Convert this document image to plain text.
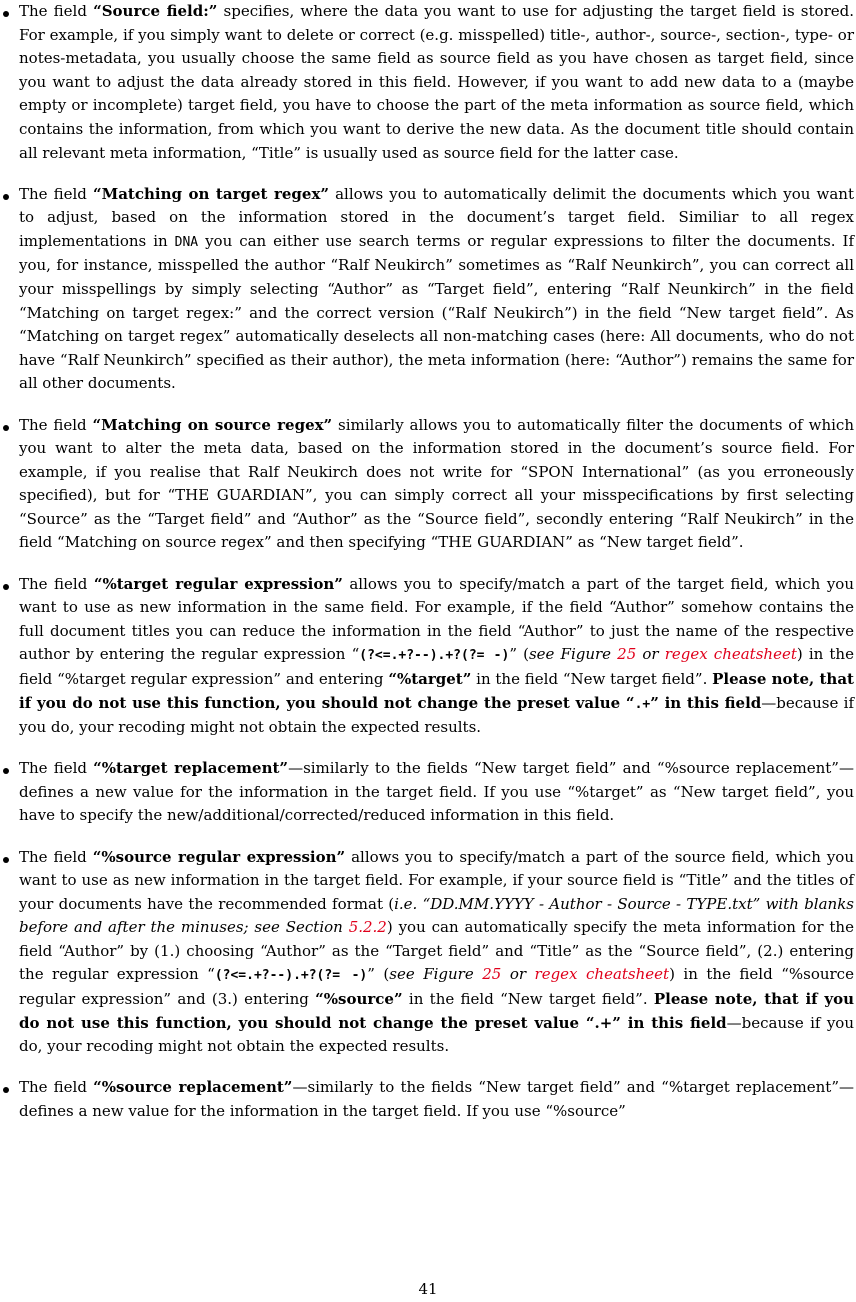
The field “Source field:” specifies, where the data you want to use for adjusting the target field is stored. For example, if you simply want to delete or correct (e.g. misspelled) title-, author-, source-, section-, type- or notes-metadata, you usually choose the same field as source field as you have chosen as target field, since you want to adjust the data already stored in this field. However, if you want to add new data to a (maybe empty or incomplete) target field, you have to choose the part of the meta information as source field, which contains the information, from which you want to derive the new data. As the document title should contain all relevant meta information, “Title” is usually used as source field for the latter case.
The field “Matching on target regex” allows you to automatically delimit the documents which you want to adjust, based on the information stored in the document’s target field. Similiar to all regex implementations in DNA you can either use search terms or regular expressions to filter the documents. If you, for instance, misspelled the author “Ralf Neukirch” sometimes as “Ralf Neunkirch”, you can correct all your misspellings by simply selecting “Author” as “Target field”, entering “Ralf Neunkirch” in the field “Matching on target regex:” and the correct version (“Ralf Neukirch”) in the field “New target field”. As “Matching on target regex” automatically deselects all non-matching cases (here: All documents, who do not have “Ralf Neunkirch” specified as their author), the meta information (here: “Author”) remains the same for all other documents.
The field “Matching on source regex” similarly allows you to automatically filter the documents of which you want to alter the meta data, based on the information stored in the document’s source field. For example, if you realise that Ralf Neukirch does not write for “SPON International” (as you erroneously specified), but for “THE GUARDIAN”, you can simply correct all your misspecifications by first selecting “Source” as the “Target field” and “Author” as the “Source field”, secondly entering “Ralf Neukirch” in the field “Matching on source regex” and then specifying “THE GUARDIAN” as “New target field”.
The field “%target regular expression” allows you to specify/match a part of the target field, which you want to use as new information in the same field. For example, if the field “Author” somehow contains the full document titles you can reduce the information in the field “Author” to just the name of the respective author by entering the regular expression “(?<=.+?--).+?(?= -)” (see Figure 25 or regex cheatsheet) in the field “%target regular expression” and entering “%target” in the field “New target field”. Please note, that if you do not use this function, you should not change the preset value “.+” in this field—because if you do, your recoding might not obtain the expected results.
The field “%target replacement”—similarly to the fields “New target field” and “%source replacement”—defines a new value for the information in the target field. If you use “%target” as “New target field”, you have to specify the new/additional/corrected/reduced information in this field.
The field “%source regular expression” allows you to specify/match a part of the source field, which you want to use as new information in the target field. For example, if your source field is “Title” and the titles of your documents have the recommended format (i.e. “DD.MM.YYYY - Author - Source - TYPE.txt” with blanks before and after the minuses; see Section 5.2.2) you can automatically specify the meta information for the field “Author” by (1.) choosing “Author” as the “Target field” and “Title” as the “Source field”, (2.) entering the regular expression “(?<=.+?--).+?(?= -)” (see Figure 25 or regex cheatsheet) in the field “%source regular expression” and (3.) entering “%source” in the field “New target field”. Please note, that if you do not use this function, you should not change the preset value “.+” in this field—because if you do, your recoding might not obtain the expected results.
The field “%source replacement”—similarly to the fields “New target field” and “%target replacement”—defines a new value for the information in the target field. If you use “%source”
41
